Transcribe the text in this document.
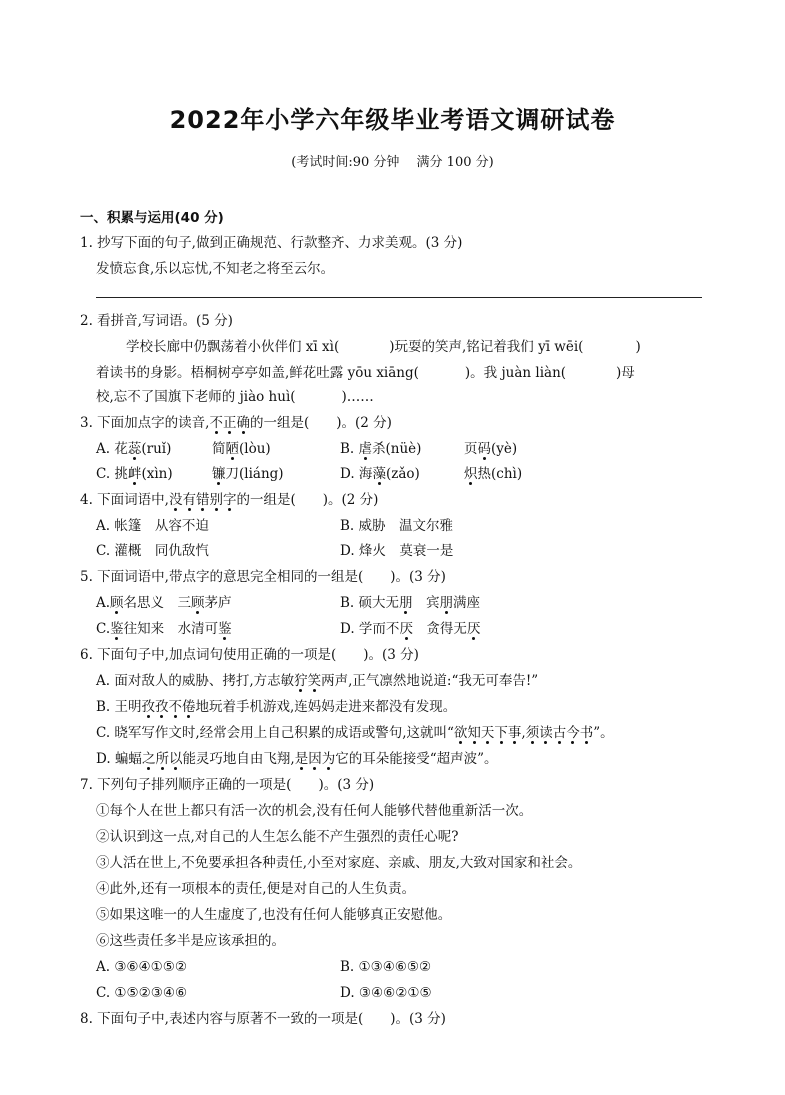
2022年小学六年级毕业考语文调研试卷
(考试时间:90 分钟　 满分 100 分)
一、积累与运用(40 分)
1. 抄写下面的句子,做到正确规范、行款整齐、力求美观。(3 分)
发愤忘食,乐以忘忧,不知老之将至云尔。
2. 看拼音,写词语。(5 分)
学校长廊中仍飘荡着小伙伴们 xī xì(	)玩耍的笑声,铭记着我们 yī wēi(	)
着读书的身影。梧桐树亭亭如盖,鲜花吐露 yōu xiāng(	)。我 juàn liàn(	)母
校,忘不了国旗下老师的 jiào huì(	)……
3. 下面加点字的读音,不正确的一组是(　　)。(2 分)
A. 花蕊(ruǐ)	简陋(lòu)	B. 虐杀(nüè)	页码(yè)
C. 挑衅(xìn)	镰刀(liáng)	D. 海藻(zǎo)	炽热(chì)
4. 下面词语中,没有错别字的一组是(　　)。(2 分)
A. 帐篷　从容不迫	B. 威胁　温文尔雅
C. 灌概　同仇敌忾	D. 烽火　莫衰一是
5. 下面词语中,带点字的意思完全相同的一组是(　　)。(3 分)
A.顾名思义　三顾茅庐	B. 硕大无朋　宾朋满座
C.鉴往知来　水清可鉴	D. 学而不厌　贪得无厌
6. 下面句子中,加点词句使用正确的一项是(　　)。(3 分)
A. 面对敌人的威胁、拷打,方志敏狞笑两声,正气凛然地说道:“我无可奉告!”
B. 王明孜孜不倦地玩着手机游戏,连妈妈走进来都没有发现。
C. 晓军写作文时,经常会用上自己积累的成语或警句,这就叫“欲知天下事,须读古今书”。
D. 蝙蝠之所以能灵巧地自由飞翔,是因为它的耳朵能接受“超声波”。
7. 下列句子排列顺序正确的一项是(　　)。(3 分)
①每个人在世上都只有活一次的机会,没有任何人能够代替他重新活一次。
②认识到这一点,对自己的人生怎么能不产生强烈的责任心呢?
③人活在世上,不免要承担各种责任,小至对家庭、亲戚、朋友,大致对国家和社会。
④此外,还有一项根本的责任,便是对自己的人生负责。
⑤如果这唯一的人生虚度了,也没有任何人能够真正安慰他。
⑥这些责任多半是应该承担的。
A. ③⑥④①⑤②	B. ①③④⑥⑤②
C. ①⑤②③④⑥	D. ③④⑥②①⑤
8. 下面句子中,表述内容与原著不一致的一项是(　　)。(3 分)
